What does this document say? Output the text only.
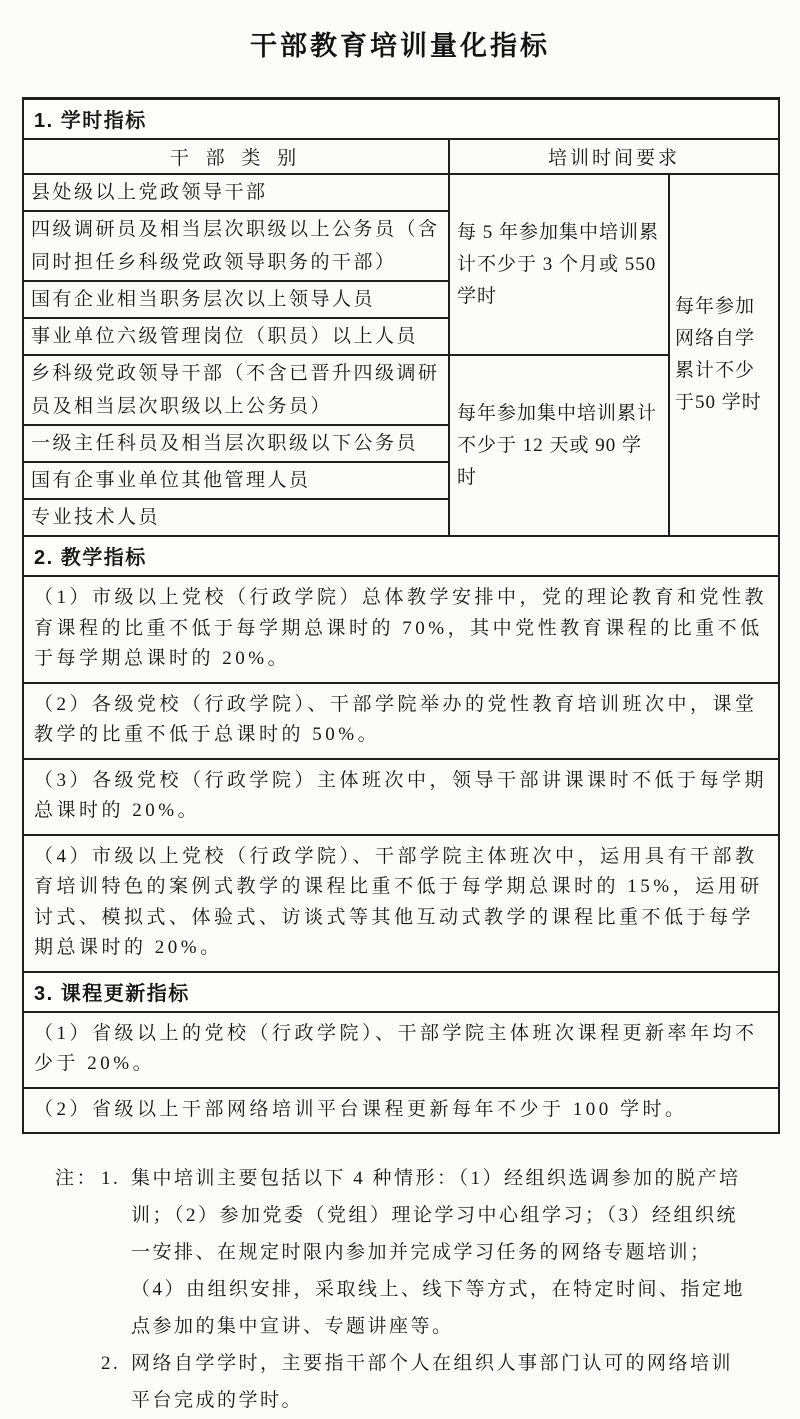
干部教育培训量化指标
1. 学时指标		
干 部 类 别	培训时间要求	
县处级以上党政领导干部	每 5 年参加集中培训累计不少于 3 个月或 550 学时	每年参加网络自学累计不少于50 学时
四级调研员及相当层次职级以上公务员（含同时担任乡科级党政领导职务的干部）		
国有企业相当职务层次以上领导人员		
事业单位六级管理岗位（职员）以上人员		
乡科级党政领导干部（不含已晋升四级调研员及相当层次职级以上公务员）	每年参加集中培训累计不少于 12 天或 90 学时	
一级主任科员及相当层次职级以下公务员		
国有企事业单位其他管理人员		
专业技术人员		
2. 教学指标		
（1）市级以上党校（行政学院）总体教学安排中，党的理论教育和党性教育课程的比重不低于每学期总课时的 70%，其中党性教育课程的比重不低于每学期总课时的 20%。		
（2）各级党校（行政学院）、干部学院举办的党性教育培训班次中，课堂教学的比重不低于总课时的 50%。		
（3）各级党校（行政学院）主体班次中，领导干部讲课课时不低于每学期总课时的 20%。		
（4）市级以上党校（行政学院）、干部学院主体班次中，运用具有干部教育培训特色的案例式教学的课程比重不低于每学期总课时的 15%，运用研讨式、模拟式、体验式、访谈式等其他互动式教学的课程比重不低于每学期总课时的 20%。		
3. 课程更新指标		
（1）省级以上的党校（行政学院）、干部学院主体班次课程更新率年均不少于 20%。		
（2）省级以上干部网络培训平台课程更新每年不少于 100 学时。		
注： 1. 集中培训主要包括以下 4 种情形：（1）经组织选调参加的脱产培训；（2）参加党委（党组）理论学习中心组学习；（3）经组织统一安排、在规定时限内参加并完成学习任务的网络专题培训；（4）由组织安排，采取线上、线下等方式，在特定时间、指定地点参加的集中宣讲、专题讲座等。
2. 网络自学学时，主要指干部个人在组织人事部门认可的网络培训平台完成的学时。
